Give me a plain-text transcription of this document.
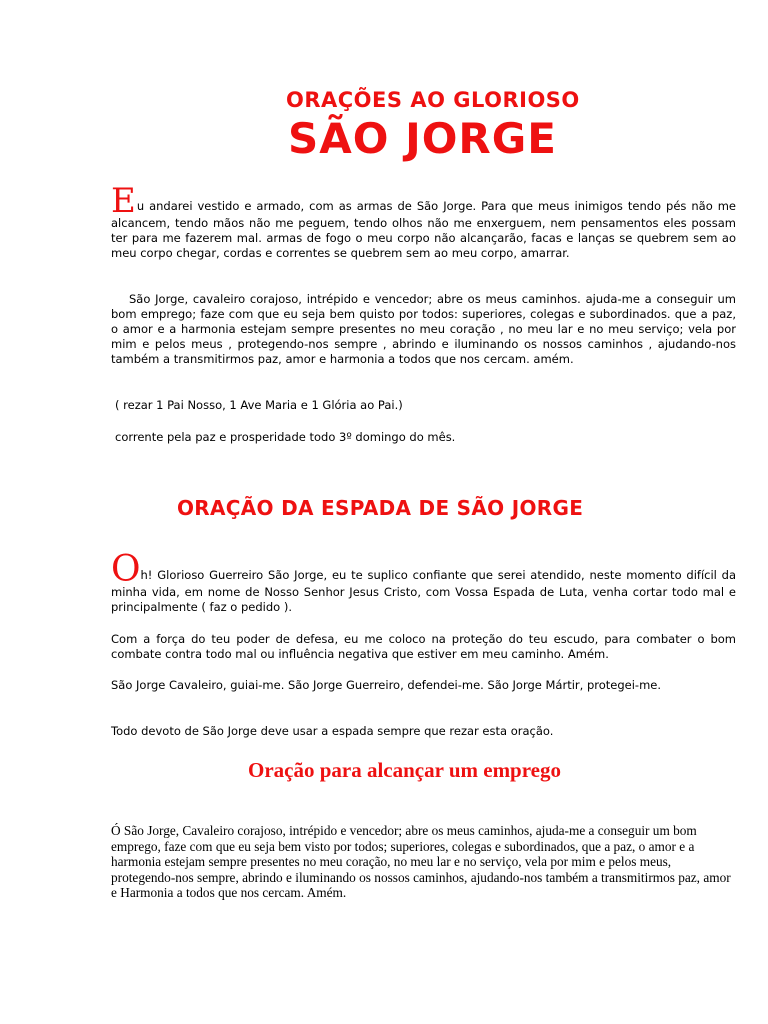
ORAÇÕES AO GLORIOSO
SÃO JORGE
Eu andarei vestido e armado, com as armas de São Jorge. Para que meus inimigos tendo pés não me alcancem, tendo mãos não me peguem, tendo olhos não me enxerguem, nem pensamentos eles possam ter para me fazerem mal. armas de fogo o meu corpo não alcançarão, facas e lanças se quebrem sem ao meu corpo chegar, cordas e correntes se quebrem sem ao meu corpo, amarrar.
São Jorge, cavaleiro corajoso, intrépido e vencedor; abre os meus caminhos. ajuda-me a conseguir um bom emprego; faze com que eu seja bem quisto por todos: superiores, colegas e subordinados. que a paz, o amor e a harmonia estejam sempre presentes no meu coração , no meu lar e no meu serviço; vela por mim e pelos meus , protegendo-nos sempre , abrindo e iluminando os nossos caminhos , ajudando-nos também a transmitirmos paz, amor e harmonia a todos que nos cercam. amém.
( rezar 1 Pai Nosso, 1 Ave Maria e 1 Glória ao Pai.)
corrente pela paz e prosperidade todo 3º domingo do mês.
ORAÇÃO DA ESPADA DE SÃO JORGE
Oh! Glorioso Guerreiro São Jorge, eu te suplico confiante que serei atendido, neste momento difícil da minha vida, em nome de Nosso Senhor Jesus Cristo, com Vossa Espada de Luta, venha cortar todo mal e principalmente ( faz o pedido ).
Com a força do teu poder de defesa, eu me coloco na proteção do teu escudo, para combater o bom combate contra todo mal ou influência negativa que estiver em meu caminho. Amém.
São Jorge Cavaleiro, guiai-me. São Jorge Guerreiro, defendei-me. São Jorge Mártir, protegei-me.
Todo devoto de São Jorge deve usar a espada sempre que rezar esta oração.
Oração para alcançar um emprego
Ó São Jorge, Cavaleiro corajoso, intrépido e vencedor; abre os meus caminhos, ajuda-me a conseguir um bom emprego, faze com que eu seja bem visto por todos; superiores, colegas e subordinados, que a paz, o amor e a harmonia estejam sempre presentes no meu coração, no meu lar e no serviço, vela por mim e pelos meus, protegendo-nos sempre, abrindo e iluminando os nossos caminhos, ajudando-nos também a transmitirmos paz, amor e Harmonia a todos que nos cercam. Amém.
